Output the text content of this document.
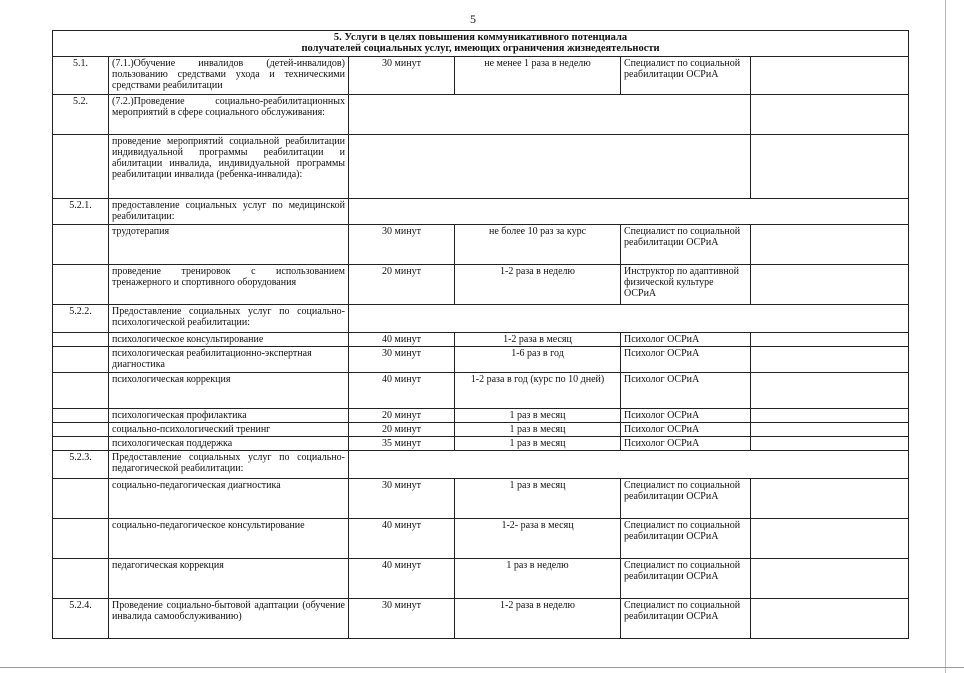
5
5. Услуги в целях повышения коммуникативного потенциала
получателей социальных услуг, имеющих ограничения жизнедеятельности					

5.1.	(7.1.)Обучение инвалидов (детей-инвалидов) пользованию средствами ухода и техническими средствами реабилитации	30 минут	не менее 1 раза в неделю	Специалист по социальной реабилитации ОСРиА	
5.2.	(7.2.)Проведение социально-реабилитационных мероприятий в сфере социального обслуживания:				
	проведение мероприятий социальной реабилитации индивидуальной программы реабилитации и абилитации инвалида, индивидуальной программы реабилитации инвалида (ребенка-инвалида):				
5.2.1.	предоставление социальных услуг по медицинской реабилитации:				
	трудотерапия	30 минут	не более 10 раз за курс	Специалист по социальной реабилитации ОСРиА	
	проведение тренировок с использованием тренажерного и спортивного оборудования	20 минут	1-2 раза в неделю	Инструктор по адаптивной физической культуре ОСРиА	
5.2.2.	Предоставление социальных услуг по социально-психологической реабилитации:				
	психологическое консультирование	40 минут	1-2 раза в месяц	Психолог ОСРиА	
	психологическая реабилитационно-экспертная диагностика	30 минут	1-6 раз в год	Психолог ОСРиА	
	психологическая коррекция	40 минут	1-2 раза в год (курс по 10 дней)	Психолог ОСРиА	
	психологическая профилактика	20 минут	1 раз в месяц	Психолог ОСРиА	
	социально-психологический тренинг	20 минут	1 раз в месяц	Психолог ОСРиА	
	психологическая поддержка	35 минут	1 раз в месяц	Психолог ОСРиА	
5.2.3.	Предоставление социальных услуг по социально-педагогической реабилитации:				
	социально-педагогическая диагностика	30 минут	1 раз в месяц	Специалист по социальной реабилитации ОСРиА	
	социально-педагогическое консультирование	40 минут	1-2- раза в месяц	Специалист по социальной реабилитации ОСРиА	
	педагогическая коррекция	40 минут	1 раз в неделю	Специалист по социальной реабилитации ОСРиА	
5.2.4.	Проведение социально-бытовой адаптации (обучение инвалида самообслуживанию)	30 минут	1-2 раза в неделю	Специалист по социальной реабилитации ОСРиА	
